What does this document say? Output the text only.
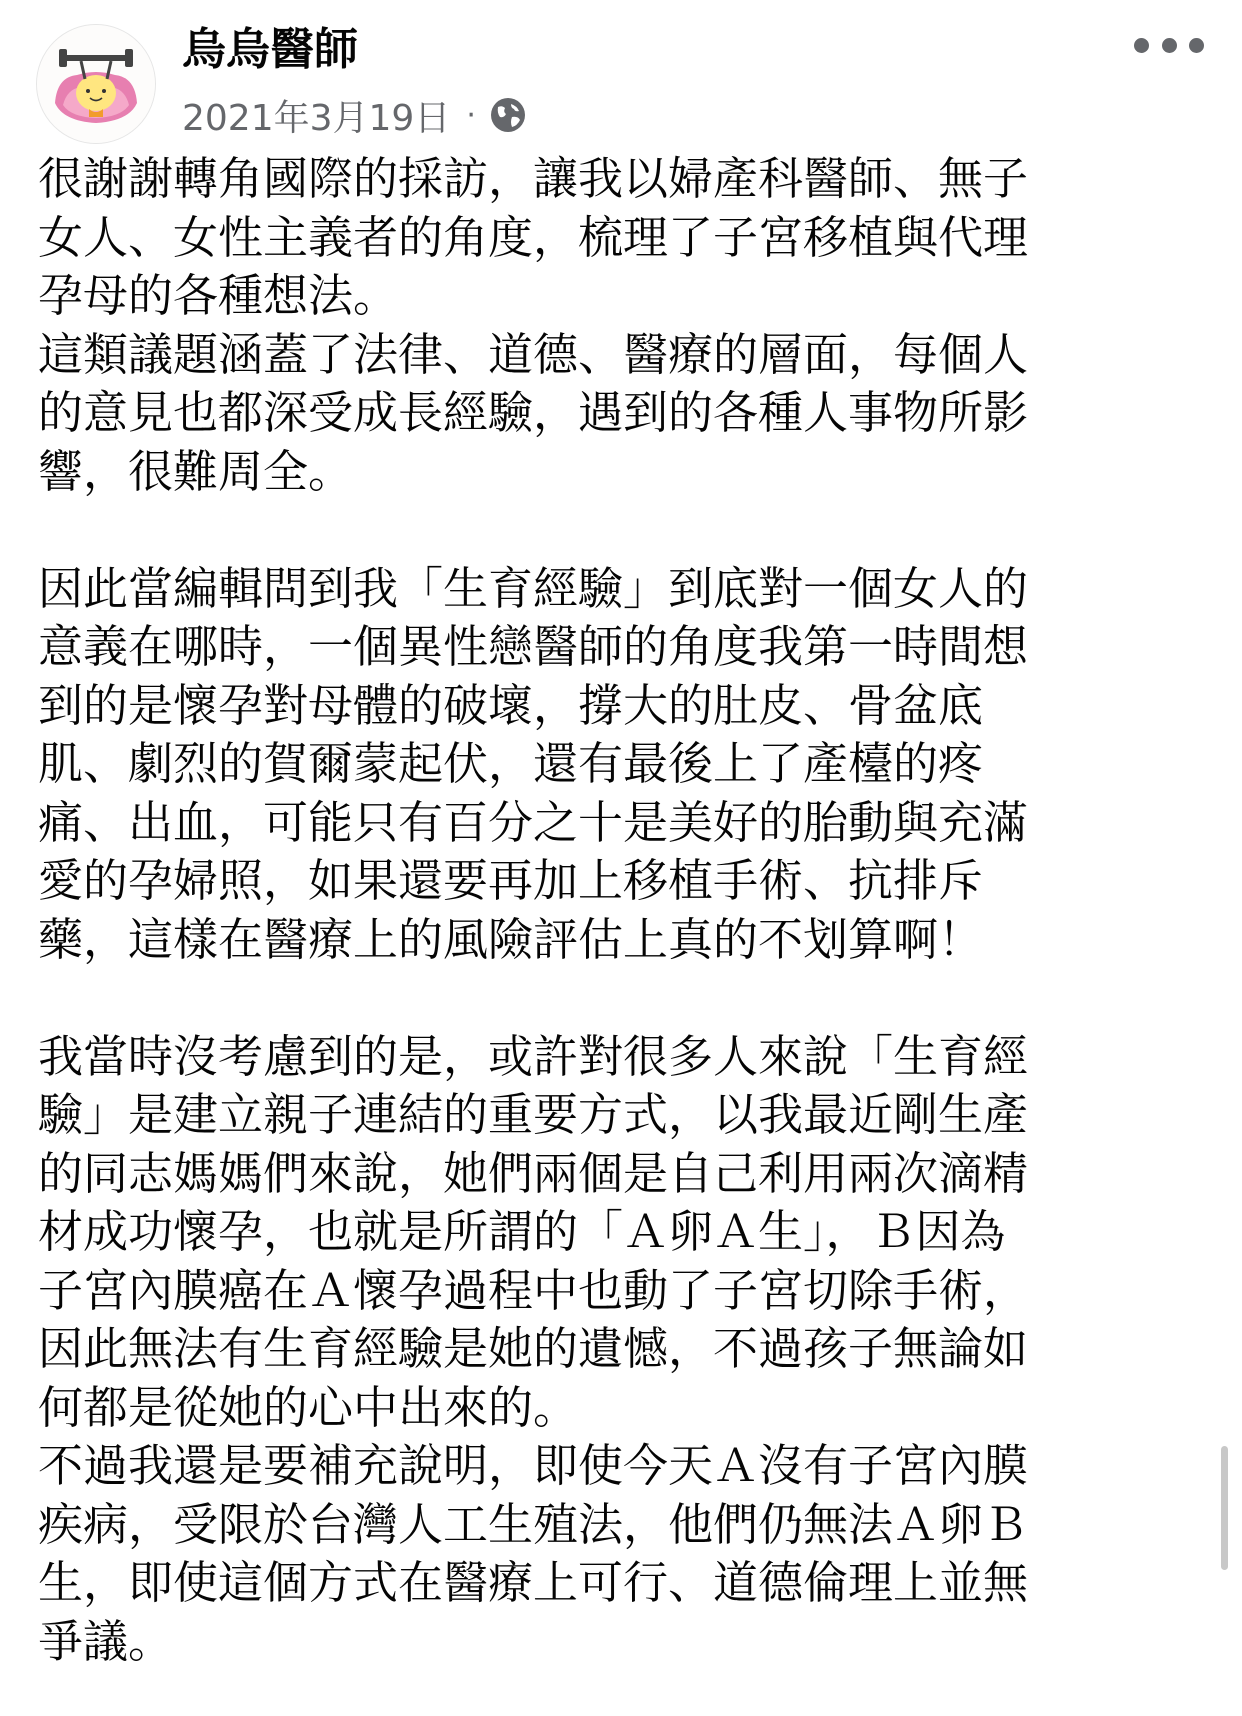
烏烏醫師
2021年3月19日 ·

很謝謝轉角國際的採訪，讓我以婦產科醫師、無子
女人、女性主義者的角度，梳理了子宮移植與代理
孕母的各種想法。

這類議題涵蓋了法律、道德、醫療的層面，每個人
的意見也都深受成長經驗，遇到的各種人事物所影
響，很難周全。

因此當編輯問到我「生育經驗」到底對一個女人的
意義在哪時，一個異性戀醫師的角度我第一時間想
到的是懷孕對母體的破壞，撐大的肚皮、骨盆底
肌、劇烈的賀爾蒙起伏，還有最後上了產檯的疼
痛、出血，可能只有百分之十是美好的胎動與充滿
愛的孕婦照，如果還要再加上移植手術、抗排斥
藥，這樣在醫療上的風險評估上真的不划算啊！

我當時沒考慮到的是，或許對很多人來說「生育經
驗」是建立親子連結的重要方式，以我最近剛生產
的同志媽媽們來說，她們兩個是自己利用兩次滴精
材成功懷孕，也就是所謂的「Ａ卵Ａ生」，Ｂ因為
子宮內膜癌在Ａ懷孕過程中也動了子宮切除手術，
因此無法有生育經驗是她的遺憾，不過孩子無論如
何都是從她的心中出來的。

不過我還是要補充說明，即使今天Ａ沒有子宮內膜
疾病，受限於台灣人工生殖法，他們仍無法Ａ卵Ｂ
生，即使這個方式在醫療上可行、道德倫理上並無
爭議。
